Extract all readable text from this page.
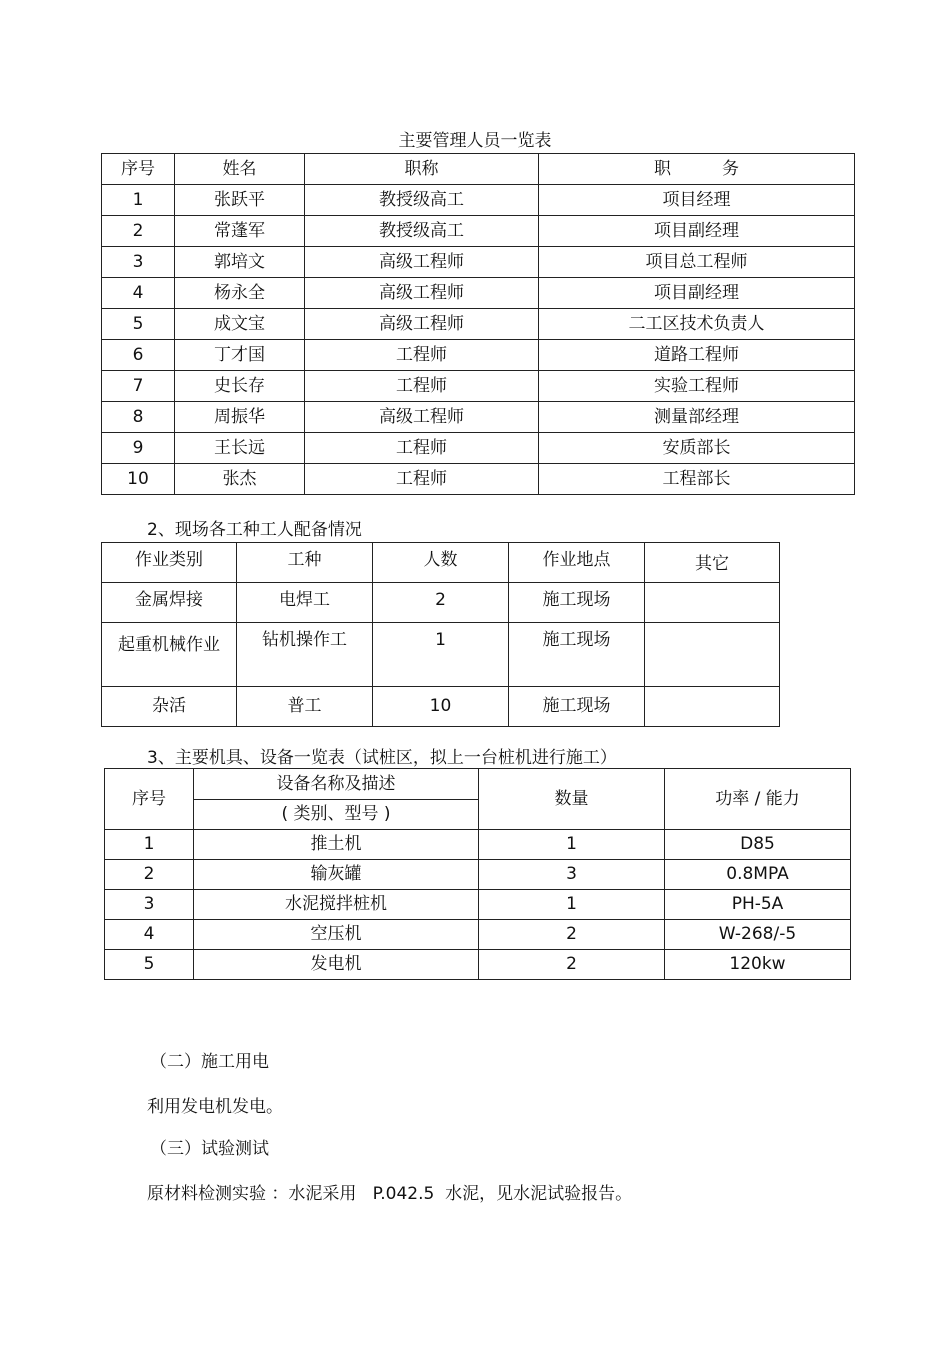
主要管理人员一览表
序号	姓名	职称	职　　　务
1	张跃平	教授级高工	项目经理
2	常蓬军	教授级高工	项目副经理
3	郭培文	高级工程师	项目总工程师
4	杨永全	高级工程师	项目副经理
5	成文宝	高级工程师	二工区技术负责人
6	丁才国	工程师	道路工程师
7	史长存	工程师	实验工程师
8	周振华	高级工程师	测量部经理
9	王长远	工程师	安质部长
10	张杰	工程师	工程部长
2、现场各工种工人配备情况
作业类别	工种	人数	作业地点	其它
金属焊接	电焊工	2	施工现场	
起重机械作业	钻机操作工	1	施工现场	
杂活	普工	10	施工现场	
3、主要机具、设备一览表（试桩区，拟上一台桩机进行施工）
序号	设备名称及描述	数量	功率 / 能力
	( 类别、型号 )		
1	推土机	1	D85
2	输灰罐	3	0.8MPA
3	水泥搅拌桩机	1	PH-5A
4	空压机	2	W-268/-5
5	发电机	2	120kw
（二）施工用电
利用发电机发电。
（三）试验测试
原材料检测实验 ：水泥采用   P.042.5  水泥，见水泥试验报告。
